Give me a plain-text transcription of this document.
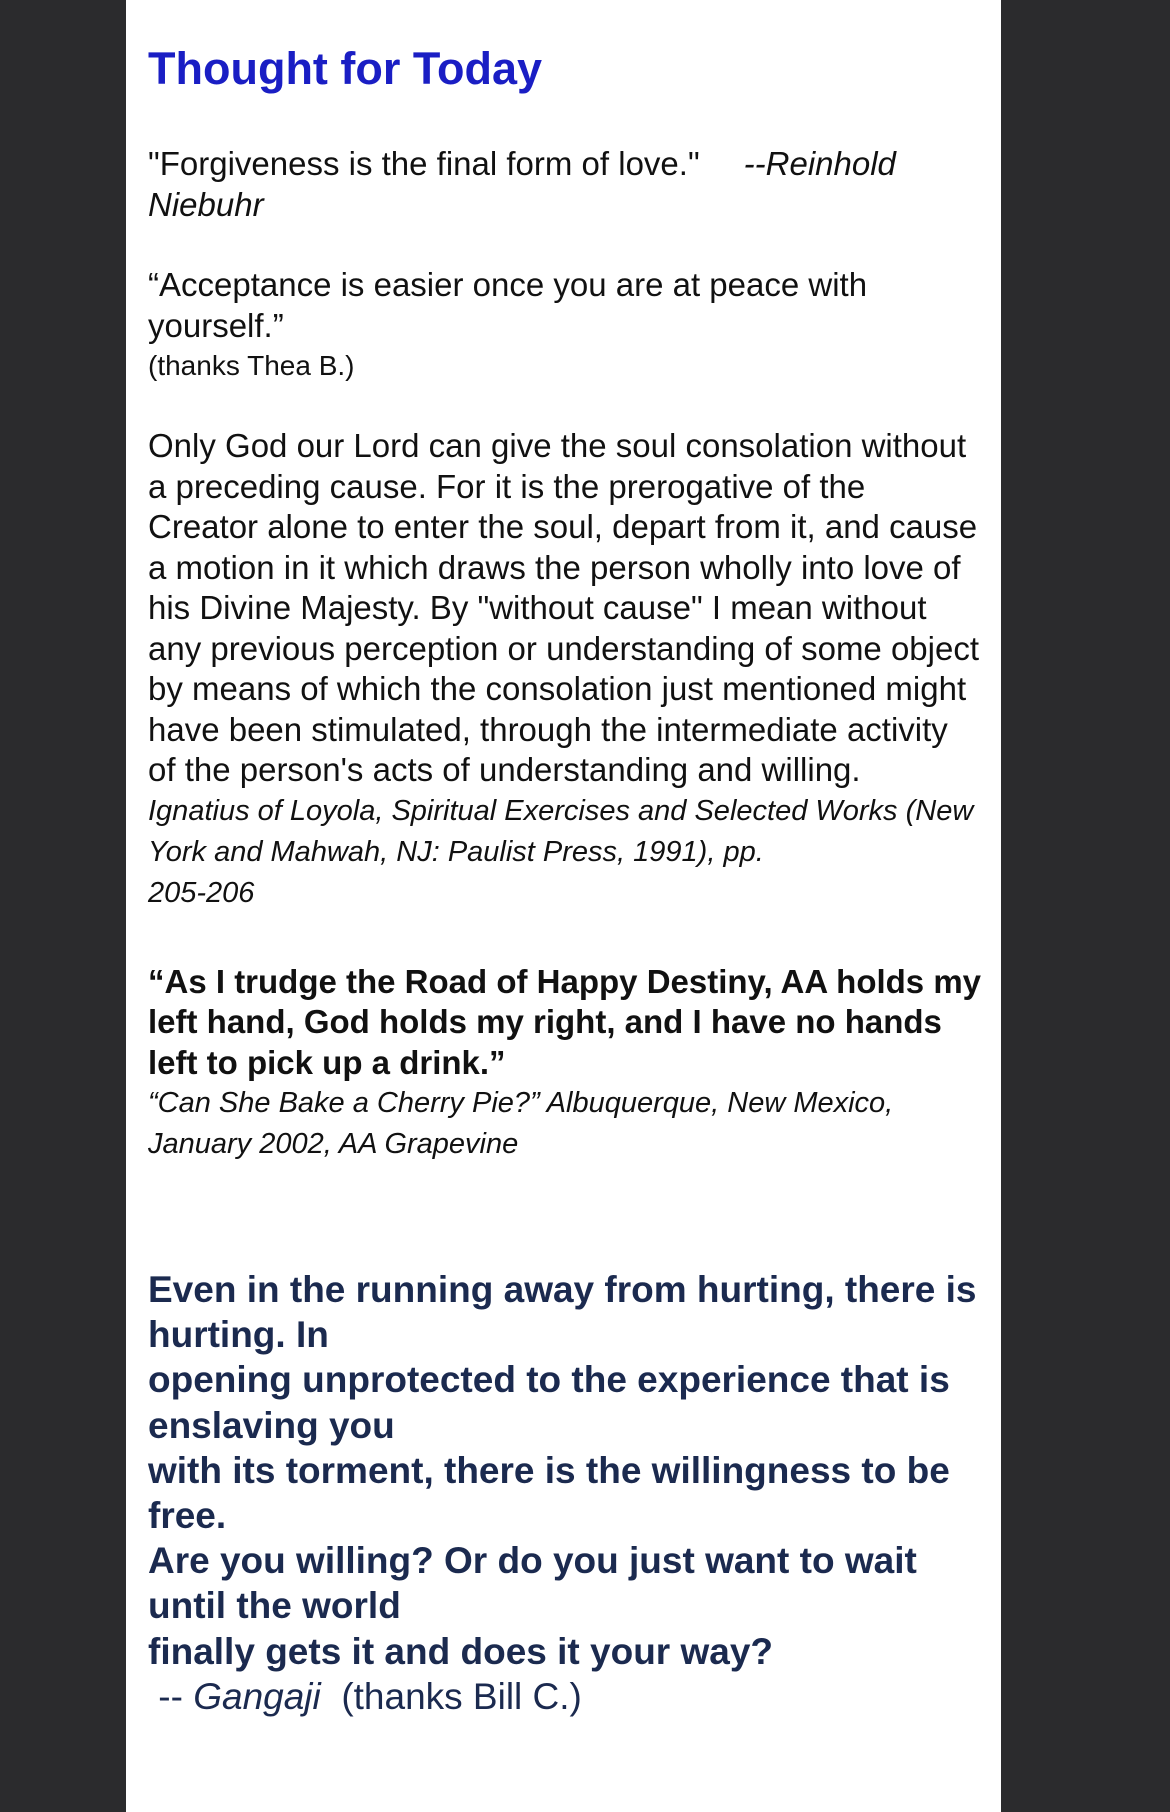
Thought for Today

"Forgiveness is the final form of love." --Reinhold Niebuhr

“Acceptance is easier once you are at peace with yourself.”

(thanks Thea B.)

Only God our Lord can give the soul consolation without a preceding cause. For it is the prerogative of the Creator alone to enter the soul, depart from it, and cause a motion in it which draws the person wholly into love of his Divine Majesty. By "without cause" I mean without any previous perception or understanding of some object by means of which the consolation just mentioned might have been stimulated, through the intermediate activity of the person's acts of understanding and willing.

Ignatius of Loyola, Spiritual Exercises and Selected Works (New York and Mahwah, NJ: Paulist Press, 1991), pp.

205-206

“As I trudge the Road of Happy Destiny, AA holds my left hand, God holds my right, and I have no hands left to pick up a drink.”

“Can She Bake a Cherry Pie?” Albuquerque, New Mexico, January 2002, AA Grapevine

Even in the running away from hurting, there is hurting. In
opening unprotected to the experience that is enslaving you
with its torment, there is the willingness to be free.
Are you willing? Or do you just want to wait until the world
finally gets it and does it your way?
-- Gangaji (thanks Bill C.)
